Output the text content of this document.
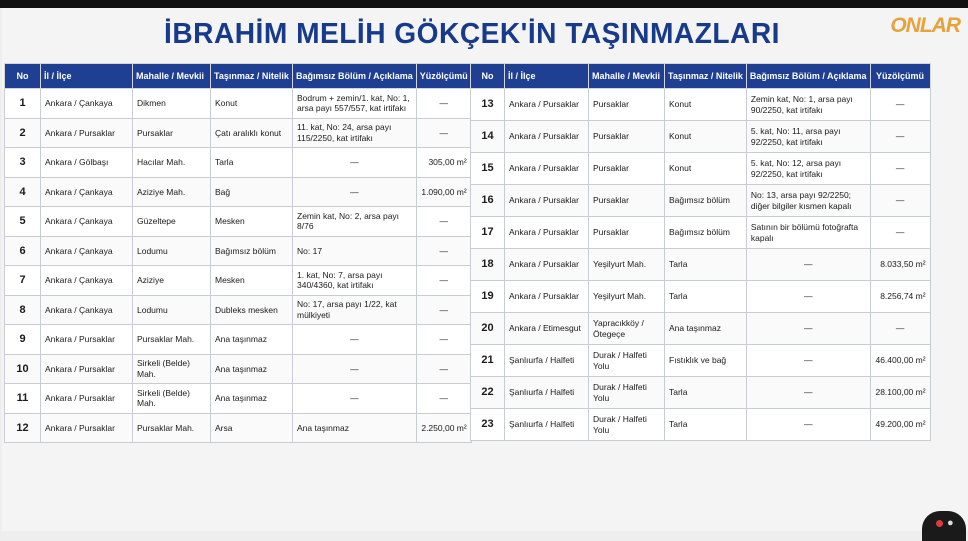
İBRAHİM MELİH GÖKÇEK'İN TAŞINMAZLARI	ONLAR
No	İl / İlçe	Mahalle / Mevkii	Taşınmaz / Nitelik	Bağımsız Bölüm / Açıklama	Yüzölçümü
1	Ankara / Çankaya	Dikmen	Konut	Bodrum + zemin/1. kat, No: 1, arsa payı 557/557, kat irtifakı	—
2	Ankara / Pursaklar	Pursaklar	Çatı aralıklı konut	11. kat, No: 24, arsa payı 115/2250, kat irtifakı	—
3	Ankara / Gölbaşı	Hacılar Mah.	Tarla	—	305,00 m²
4	Ankara / Çankaya	Aziziye Mah.	Bağ	—	1.090,00 m²
5	Ankara / Çankaya	Güzeltepe	Mesken	Zemin kat, No: 2, arsa payı 8/76	—
6	Ankara / Çankaya	Lodumu	Bağımsız bölüm	No: 17	—
7	Ankara / Çankaya	Aziziye	Mesken	1. kat, No: 7, arsa payı 340/4360, kat irtifakı	—
8	Ankara / Çankaya	Lodumu	Dubleks mesken	No: 17, arsa payı 1/22, kat mülkiyeti	—
9	Ankara / Pursaklar	Pursaklar Mah.	Ana taşınmaz	—	—
10	Ankara / Pursaklar	Sirkeli (Belde) Mah.	Ana taşınmaz	—	—
11	Ankara / Pursaklar	Sirkeli (Belde) Mah.	Ana taşınmaz	—	—
12	Ankara / Pursaklar	Pursaklar Mah.	Arsa	Ana taşınmaz	2.250,00 m²
No	İl / İlçe	Mahalle / Mevkii	Taşınmaz / Nitelik	Bağımsız Bölüm / Açıklama	Yüzölçümü
13	Ankara / Pursaklar	Pursaklar	Konut	Zemin kat, No: 1, arsa payı 90/2250, kat irtifakı	—
14	Ankara / Pursaklar	Pursaklar	Konut	5. kat, No: 11, arsa payı 92/2250, kat irtifakı	—
15	Ankara / Pursaklar	Pursaklar	Konut	5. kat, No: 12, arsa payı 92/2250, kat irtifakı	—
16	Ankara / Pursaklar	Pursaklar	Bağımsız bölüm	No: 13, arsa payı 92/2250; diğer bilgiler kısmen kapalı	—
17	Ankara / Pursaklar	Pursaklar	Bağımsız bölüm	Satının bir bölümü fotoğrafta kapalı	—
18	Ankara / Pursaklar	Yeşilyurt Mah.	Tarla	—	8.033,50 m²
19	Ankara / Pursaklar	Yeşilyurt Mah.	Tarla	—	8.256,74 m²
20	Ankara / Etimesgut	Yapracıkköy / Ötegeçe	Ana taşınmaz	—	—
21	Şanlıurfa / Halfeti	Durak / Halfeti Yolu	Fıstıklık ve bağ	—	46.400,00 m²
22	Şanlıurfa / Halfeti	Durak / Halfeti Yolu	Tarla	—	28.100,00 m²
23	Şanlıurfa / Halfeti	Durak / Halfeti Yolu	Tarla	—	49.200,00 m²
●
